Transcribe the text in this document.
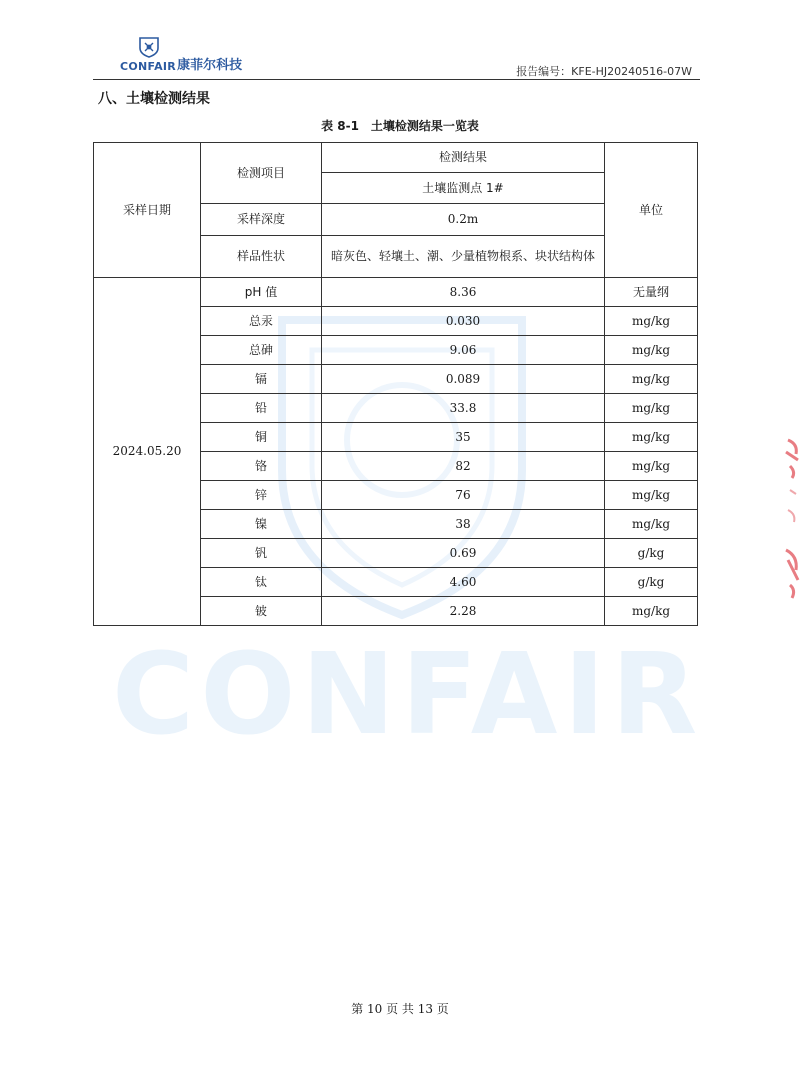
CONFAIR
CONFAIR 康菲尔科技	报告编号：KFE-HJ20240516-07W
八、土壤检测结果
表 8-1　土壤检测结果一览表
采样日期	检测项目	检测结果	单位
		土壤监测点 1#	
	采样深度	0.2m	
	样品性状	暗灰色、轻壤土、潮、少量植物根系、块状结构体	
2024.05.20	pH 值	8.36	无量纲
	总汞	0.030	mg/kg
	总砷	9.06	mg/kg
	镉	0.089	mg/kg
	铅	33.8	mg/kg
	铜	35	mg/kg
	铬	82	mg/kg
	锌	76	mg/kg
	镍	38	mg/kg
	钒	0.69	g/kg
	钛	4.60	g/kg
	铍	2.28	mg/kg
第 10 页 共 13 页
